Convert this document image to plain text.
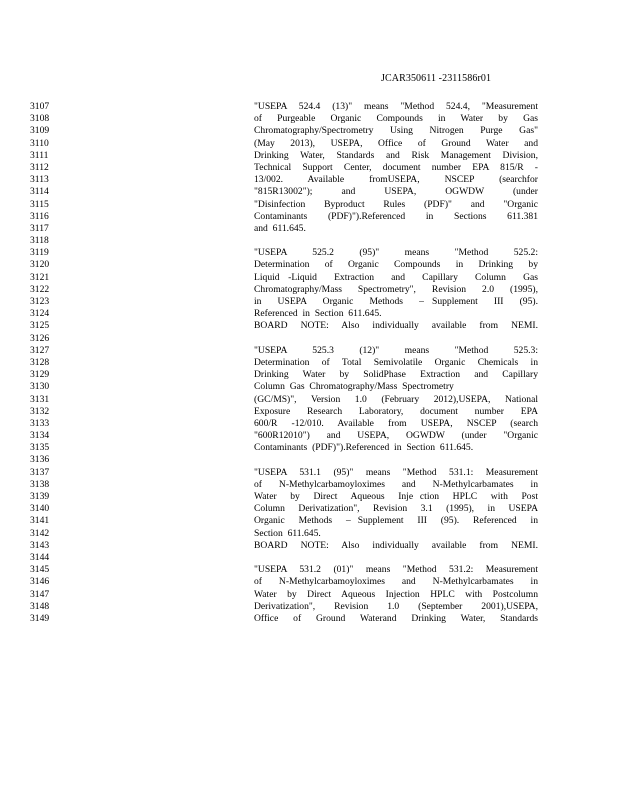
JCAR350611 -2311586r01
3107
3108
3109
3110
3111
3112
3113
3114
3115
3116
3117
3118
3119
3120
3121
3122
3123
3124
3125
3126
3127
3128
3129
3130
3131
3132
3133
3134
3135
3136
3137
3138
3139
3140
3141
3142
3143
3144
3145
3146
3147
3148
3149
"USEPA  524.4  (13)"  means  "Method  524.4,  "Measurement
of  Purgeable  Organic  Compounds  in  Water  by  Gas
Chromatography/Spectrometry  Using  Nitrogen  Purge  Gas"
(May  2013),  USEPA,  Office  of  Ground  Water  and
Drinking  Water,  Standards  and  Risk  Management  Division,
Technical  Support  Center,  document  number  EPA  815/R  -
13/002.  Available  fromUSEPA,  NSCEP  (searchfor
"815R13002");  and  USEPA,  OGWDW  (under
"Disinfection  Byproduct  Rules  (PDF)"  and  "Organic
Contaminants  (PDF)").Referenced  in  Sections  611.381
and  611.645.
"USEPA  525.2  (95)"  means  "Method  525.2:
Determination  of  Organic  Compounds  in  Drinking  by
Liquid -Liquid  Extraction  and  Capillary  Column  Gas
Chromatography/Mass  Spectrometry",  Revision  2.0  (1995),
in  USEPA  Organic  Methods  – Supplement  III  (95).
Referenced  in  Section  611.645.
BOARD  NOTE:  Also  individually  available  from  NEMI.
"USEPA  525.3  (12)"  means  "Method  525.3:
Determination  of  Total  Semivolatile  Organic  Chemicals  in
Drinking  Water  by  SolidPhase  Extraction  and  Capillary
Column  Gas  Chromatography/Mass  Spectrometry
(GC/MS)",  Version  1.0  (February  2012),USEPA,  National
Exposure  Research  Laboratory,  document  number  EPA
600/R  -12/010.  Available  from  USEPA,  NSCEP  (search
"600R12010")  and  USEPA,  OGWDW  (under  "Organic
Contaminants  (PDF)").Referenced  in  Section  611.645.
"USEPA  531.1  (95)"  means  "Method  531.1:  Measurement
of  N-Methylcarbamoyloximes  and  N-Methylcarbamates  in
Water  by  Direct  Aqueous  Inje ction  HPLC  with  Post
Column  Derivatization",  Revision  3.1  (1995),  in  USEPA
Organic  Methods  – Supplement  III  (95).  Referenced  in
Section  611.645.
BOARD  NOTE:  Also  individually  available  from  NEMI.
"USEPA  531.2  (01)"  means  "Method  531.2:  Measurement
of  N-Methylcarbamoyloximes  and  N-Methylcarbamates  in
Water  by  Direct  Aqueous  Injection  HPLC  with  Postcolumn
Derivatization",  Revision  1.0  (September  2001),USEPA,
Office  of  Ground  Waterand  Drinking  Water,  Standards
